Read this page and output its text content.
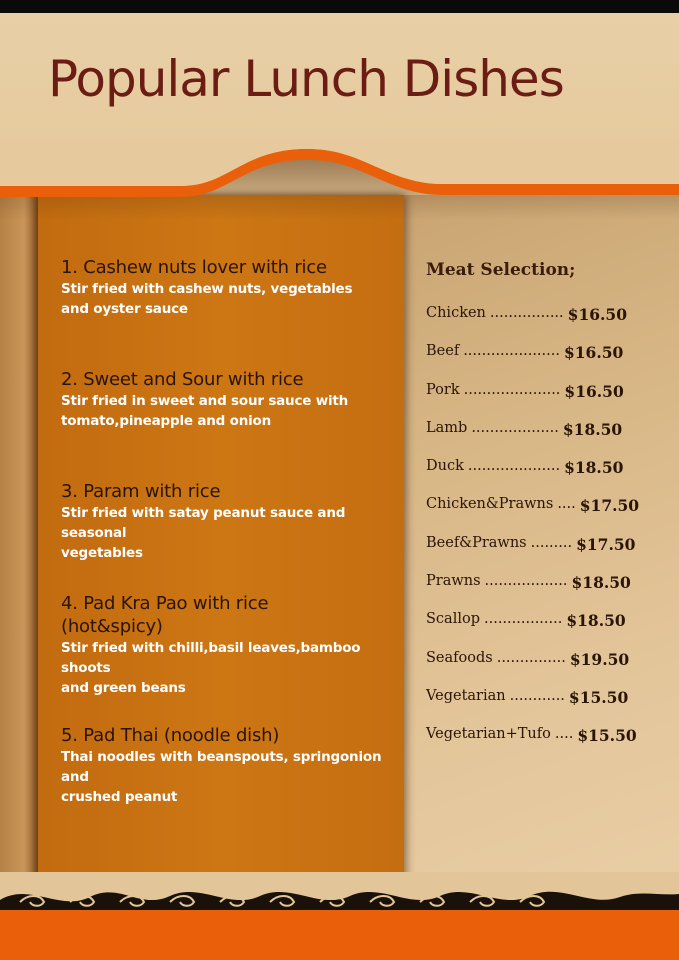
Popular Lunch Dishes
1. Cashew nuts lover with rice
Stir fried with cashew nuts, vegetables
and oyster sauce
2. Sweet and Sour with rice
Stir fried in sweet and sour sauce with
tomato,pineapple and onion
3. Param with rice
Stir fried with satay peanut sauce and seasonal
vegetables
4. Pad Kra Pao with rice
(hot&spicy)
Stir fried with chilli,basil leaves,bamboo shoots
and green beans
5. Pad Thai (noodle dish)
Thai noodles with beanspouts, springonion and
crushed peanut
Meat Selection;
Chicken ................ $16.50
Beef ..................... $16.50
Pork ..................... $16.50
Lamb ................... $18.50
Duck .................... $18.50
Chicken&Prawns .... $17.50
Beef&Prawns ......... $17.50
Prawns .................. $18.50
Scallop ................. $18.50
Seafoods ............... $19.50
Vegetarian ............ $15.50
Vegetarian+Tufo .... $15.50
